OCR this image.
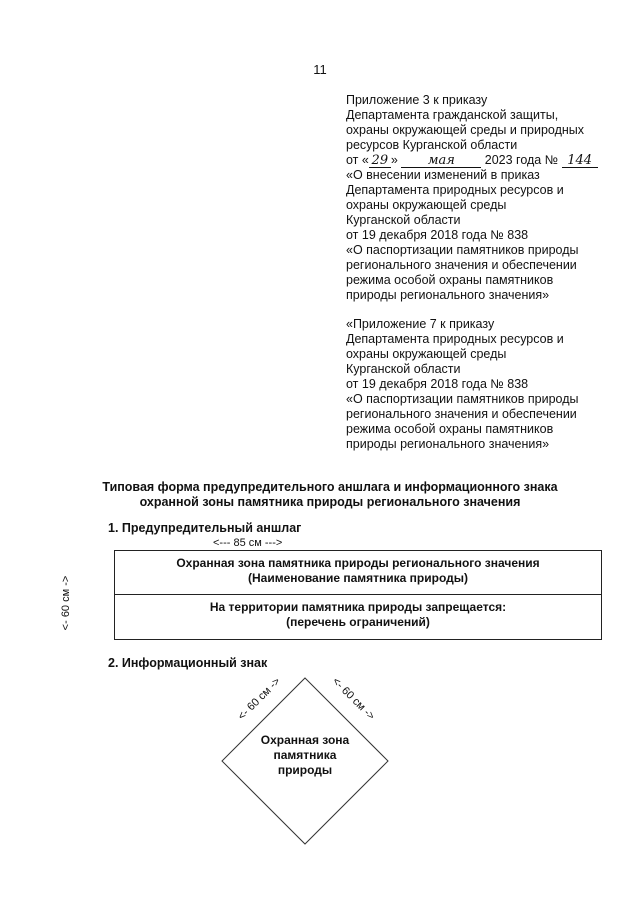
11
Приложение 3 к приказу
Департамента гражданской защиты,
охраны окружающей среды и природных
ресурсов Курганской области
от « 29 » мая 2023 года № 144
«О внесении изменений в приказ
Департамента природных ресурсов и
охраны окружающей среды
Курганской области
от 19 декабря 2018 года № 838
«О паспортизации памятников природы
регионального значения и обеспечении
режима особой охраны памятников
природы регионального значения»
«Приложение 7 к приказу
Департамента природных ресурсов и
охраны окружающей среды
Курганской области
от 19 декабря 2018 года № 838
«О паспортизации памятников природы
регионального значения и обеспечении
режима особой охраны памятников
природы регионального значения»
Типовая форма предупредительного аншлага и информационного знака
охранной зоны памятника природы регионального значения
1. Предупредительный аншлаг
<--- 85 см --->
<- 60 см ->
Охранная зона памятника природы регионального значения
(Наименование памятника природы)
На территории памятника природы запрещается:
(перечень ограничений)
2. Информационный знак
<- 60 см ->	<- 60 см ->
Охранная зона
памятника
природы
